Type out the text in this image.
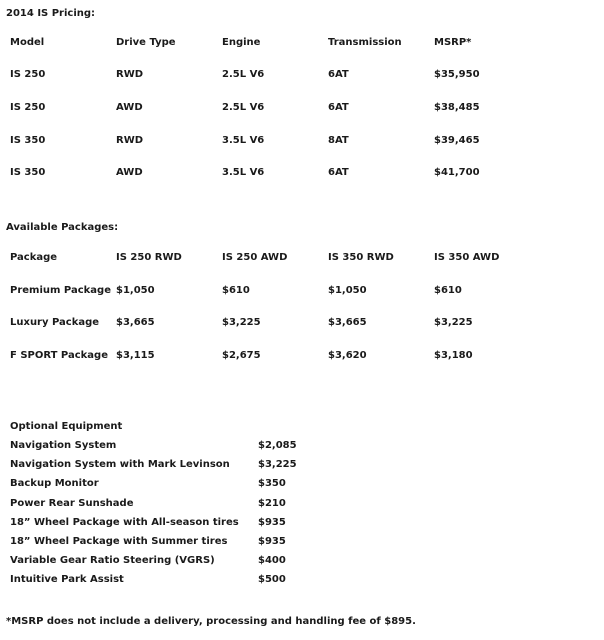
2014 IS Pricing:
Model	Drive Type	Engine	Transmission	MSRP*
IS 250	RWD	2.5L V6	6AT	$35,950
IS 250	AWD	2.5L V6	6AT	$38,485
IS 350	RWD	3.5L V6	8AT	$39,465
IS 350	AWD	3.5L V6	6AT	$41,700
Available Packages:
Package	IS 250 RWD	IS 250 AWD	IS 350 RWD	IS 350 AWD
Premium Package $1,050	$610	$1,050	$610
Luxury Package $3,665	$3,225	$3,665	$3,225
F SPORT Package $3,115	$2,675	$3,620	$3,180
Optional Equipment
Navigation System	$2,085
Navigation System with Mark Levinson	$3,225
Backup Monitor	$350
Power Rear Sunshade	$210
18” Wheel Package with All-season tires $935
18” Wheel Package with Summer tires	$935
Variable Gear Ratio Steering (VGRS)	$400
Intuitive Park Assist	$500
*MSRP does not include a delivery, processing and handling fee of $895.
